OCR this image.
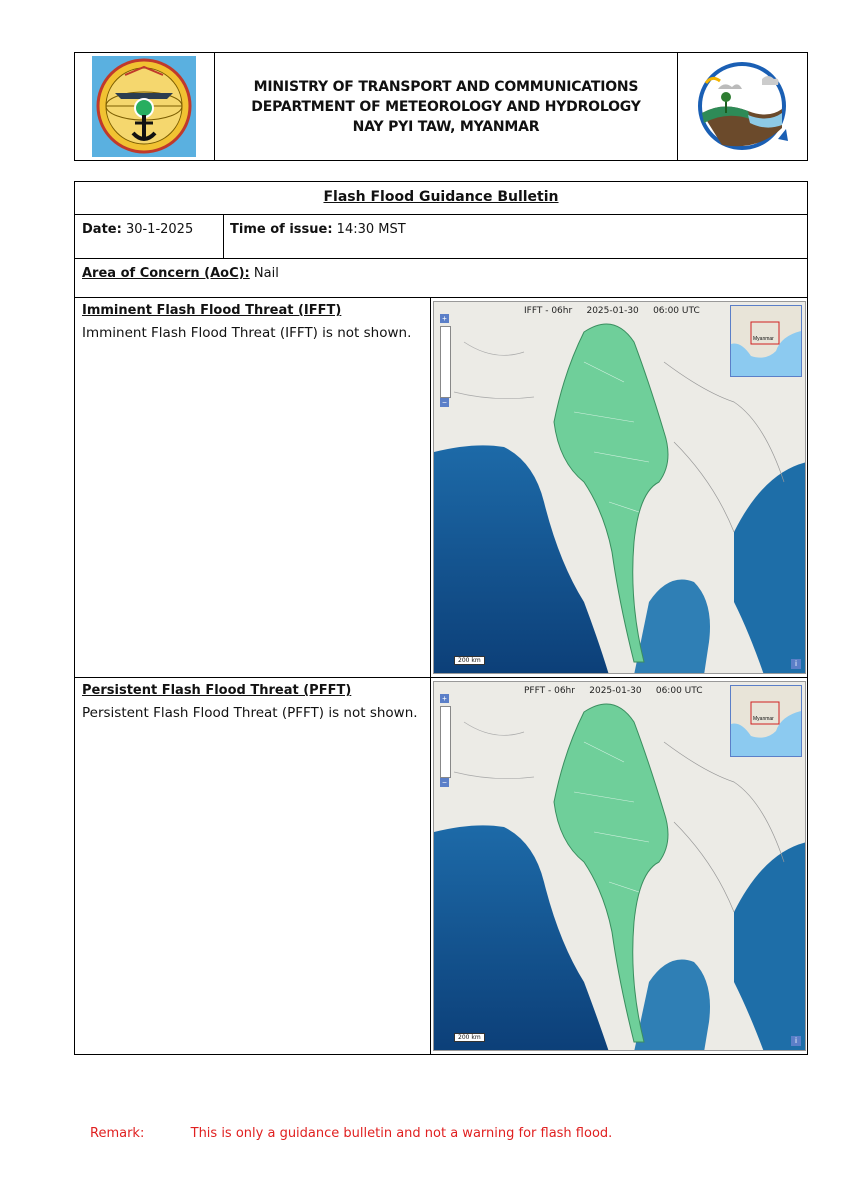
MINISTRY OF TRANSPORT AND COMMUNICATIONS
DEPARTMENT OF METEOROLOGY AND HYDROLOGY
NAY PYI TAW, MYANMAR
Flash Flood Guidance Bulletin
Date: 30-1-2025	Time of issue: 14:30 MST
Area of Concern (AoC): Nail
Imminent Flash Flood Threat (IFFT)
Imminent Flash Flood Threat (IFFT) is not shown.
IFFT - 06hr     2025-01-30     06:00 UTC
+
−
Myanmar
200 km	i
Persistent Flash Flood Threat (PFFT)
Persistent Flash Flood Threat (PFFT) is not shown.
PFFT - 06hr     2025-01-30     06:00 UTC
+
−
Myanmar
200 km	i
Remark:	This is only a guidance bulletin and not a warning for flash flood.
